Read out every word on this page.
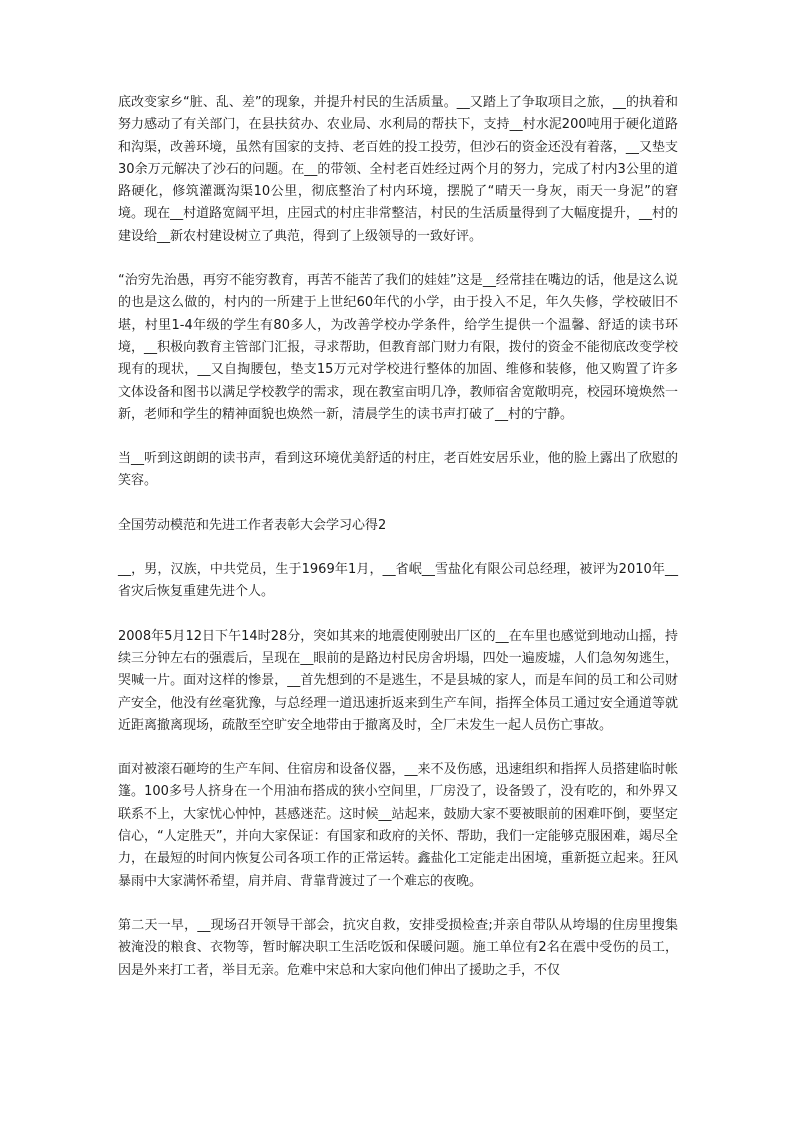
底改变家乡“脏、乱、差”的现象，并提升村民的生活质量。__又踏上了争取项目之旅，__的执着和努力感动了有关部门，在县扶贫办、农业局、水利局的帮扶下，支持__村水泥200吨用于硬化道路和沟渠，改善环境，虽然有国家的支持、老百姓的投工投劳，但沙石的资金还没有着落，__又垫支30余万元解决了沙石的问题。在__的带领、全村老百姓经过两个月的努力，完成了村内3公里的道路硬化，修筑灌溉沟渠10公里，彻底整治了村内环境，摆脱了“晴天一身灰，雨天一身泥”的窘境。现在__村道路宽阔平坦，庄园式的村庄非常整洁，村民的生活质量得到了大幅度提升，__村的建设给__新农村建设树立了典范，得到了上级领导的一致好评。

“治穷先治愚，再穷不能穷教育，再苦不能苦了我们的娃娃”这是__经常挂在嘴边的话，他是这么说的也是这么做的，村内的一所建于上世纪60年代的小学，由于投入不足，年久失修，学校破旧不堪，村里1-4年级的学生有80多人，为改善学校办学条件，给学生提供一个温馨、舒适的读书环境，__积极向教育主管部门汇报，寻求帮助，但教育部门财力有限，拨付的资金不能彻底改变学校现有的现状，__又自掏腰包，垫支15万元对学校进行整体的加固、维修和装修，他又购置了许多文体设备和图书以满足学校教学的需求，现在教室亩明几净，教师宿舍宽敞明亮，校园环境焕然一新，老师和学生的精神面貌也焕然一新，清晨学生的读书声打破了__村的宁静。

当__听到这朗朗的读书声，看到这环境优美舒适的村庄，老百姓安居乐业，他的脸上露出了欣慰的笑容。

全国劳动模范和先进工作者表彰大会学习心得2

__，男，汉族，中共党员，生于1969年1月，__省岷__雪盐化有限公司总经理，被评为2010年__省灾后恢复重建先进个人。

2008年5月12日下午14时28分，突如其来的地震使刚驶出厂区的__在车里也感觉到地动山摇，持续三分钟左右的强震后，呈现在__眼前的是路边村民房舍坍塌，四处一遍废墟，人们急匆匆逃生，哭喊一片。面对这样的惨景，__首先想到的不是逃生，不是县城的家人，而是车间的员工和公司财产安全，他没有丝毫犹豫，与总经理一道迅速折返来到生产车间，指挥全体员工通过安全通道等就近距离撤离现场，疏散至空旷安全地带由于撤离及时，全厂未发生一起人员伤亡事故。

面对被滚石砸垮的生产车间、住宿房和设备仪器，__来不及伤感，迅速组织和指挥人员搭建临时帐篷。100多号人挤身在一个用油布搭成的狭小空间里，厂房没了，设备毁了，没有吃的，和外界又联系不上，大家忧心忡忡，甚感迷茫。这时候__站起来，鼓励大家不要被眼前的困难吓倒，要坚定信心，“人定胜天”，并向大家保证：有国家和政府的关怀、帮助，我们一定能够克服困难，竭尽全力，在最短的时间内恢复公司各项工作的正常运转。鑫盐化工定能走出困境，重新挺立起来。狂风暴雨中大家满怀希望，肩并肩、背靠背渡过了一个难忘的夜晚。

第二天一早，__现场召开领导干部会，抗灾自救，安排受损检查;并亲自带队从垮塌的住房里搜集被淹没的粮食、衣物等，暂时解决职工生活吃饭和保暖问题。施工单位有2名在震中受伤的员工，因是外来打工者，举目无亲。危难中宋总和大家向他们伸出了援助之手，不仅
